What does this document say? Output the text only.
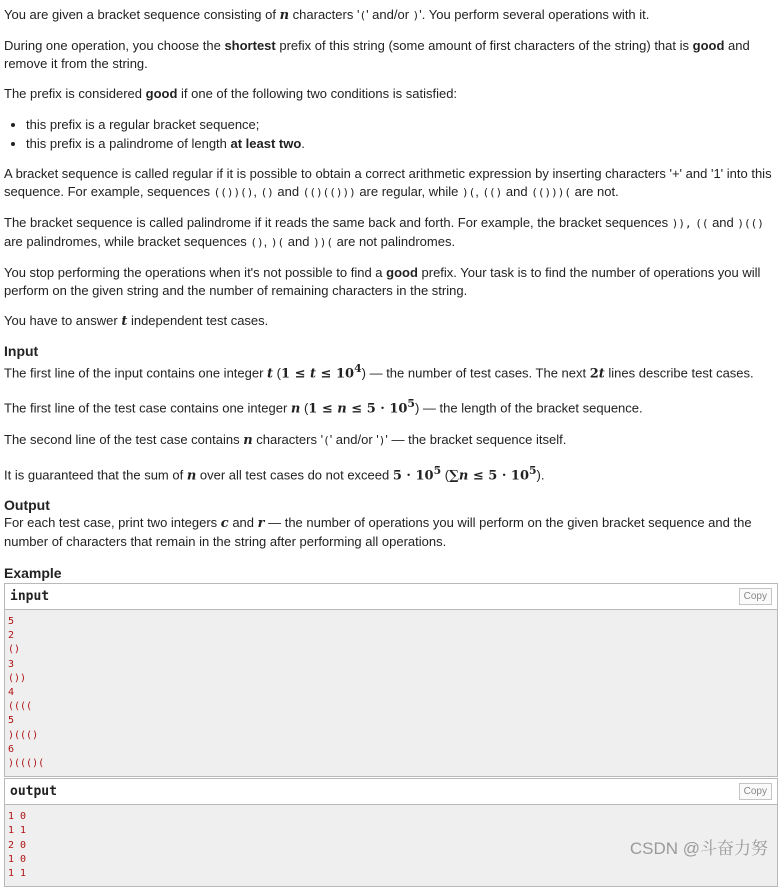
You are given a bracket sequence consisting of n characters '(' and/or )'. You perform several operations with it.

During one operation, you choose the shortest prefix of this string (some amount of first characters of the string) that is good and remove it from the string.

The prefix is considered good if one of the following two conditions is satisfied:

• this prefix is a regular bracket sequence;
• this prefix is a palindrome of length at least two.

A bracket sequence is called regular if it is possible to obtain a correct arithmetic expression by inserting characters '+' and '1' into this sequence. For example, sequences (())(), () and (()(())) are regular, while )(, (() and (()))( are not.

The bracket sequence is called palindrome if it reads the same back and forth. For example, the bracket sequences )), (( and )(() are palindromes, while bracket sequences (), )( and ))( are not palindromes.

You stop performing the operations when it's not possible to find a good prefix. Your task is to find the number of operations you will perform on the given string and the number of remaining characters in the string.

You have to answer t independent test cases.

Input

The first line of the input contains one integer t $(1 \le t \le 10^4)$ — the number of test cases. The next 2t lines describe test cases.

The first line of the test case contains one integer n $(1 \le n \le 5 \cdot 10^5)$ — the length of the bracket sequence.

The second line of the test case contains n characters '(' and/or ')' — the bracket sequence itself.

It is guaranteed that the sum of n over all test cases do not exceed $5 \cdot 10^5$ $(\sum n \le 5 \cdot 10^5)$.

Output

For each test case, print two integers c and r — the number of operations you will perform on the given bracket sequence and the number of characters that remain in the string after performing all operations.

Example
input	Copy
5
2
()
3
())
4
((((
5
)((()
6
)((()(
output	Copy
1 0
1 1
2 0
1 0
1 1
CSDN @斗奋力努
